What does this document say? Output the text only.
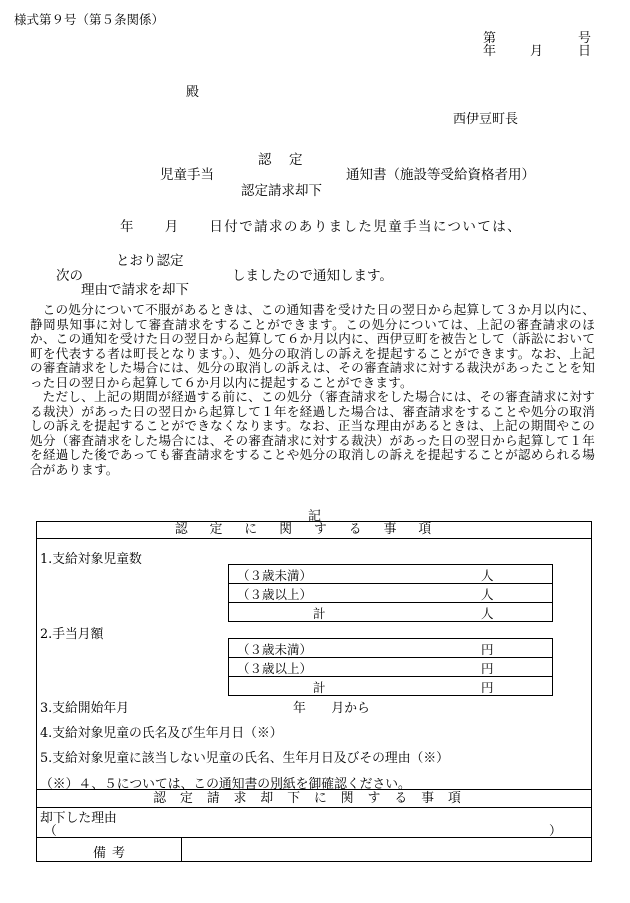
様式第９号（第５条関係）
第	号
年	月	日
殿
西伊豆町長
認　定
児童手当	通知書（施設等受給資格者用）
認定請求却下
年　　月　　日付で請求のありました児童手当については、
とおり認定
次の	しましたので通知します。
理由で請求を却下

この処分について不服があるときは、この通知書を受けた日の翌日から起算して３か月以内に、静岡県知事に対して審査請求をすることができます。この処分については、上記の審査請求のほか、この通知を受けた日の翌日から起算して６か月以内に、西伊豆町を被告として（訴訟において町を代表する者は町長となります。）、処分の取消しの訴えを提起することができます。なお、上記の審査請求をした場合には、処分の取消しの訴えは、その審査請求に対する裁決があったことを知った日の翌日から起算して６か月以内に提起することができます。

ただし、上記の期間が経過する前に、この処分（審査請求をした場合には、その審査請求に対する裁決）があった日の翌日から起算して１年を経過した場合は、審査請求をすることや処分の取消しの訴えを提起することができなくなります。なお、正当な理由があるときは、上記の期間やこの処分（審査請求をした場合には、その審査請求に対する裁決）があった日の翌日から起算して１年を経過した後であっても審査請求をすることや処分の取消しの訴えを提起することが認められる場合があります。

記
認定に関する事項
1.支給対象児童数
（３歳未満）	人
（３歳以上）	人
計	人
2.手当月額
（３歳未満）	円
（３歳以上）	円
計	円
3.支給開始年月	年　　月から
4.支給対象児童の氏名及び生年月日（※）
5.支給対象児童に該当しない児童の氏名、生年月日及びその理由（※）
（※）４、５については、この通知書の別紙を御確認ください。
認定請求却下に関する事項
却下した理由
（	）
備考
